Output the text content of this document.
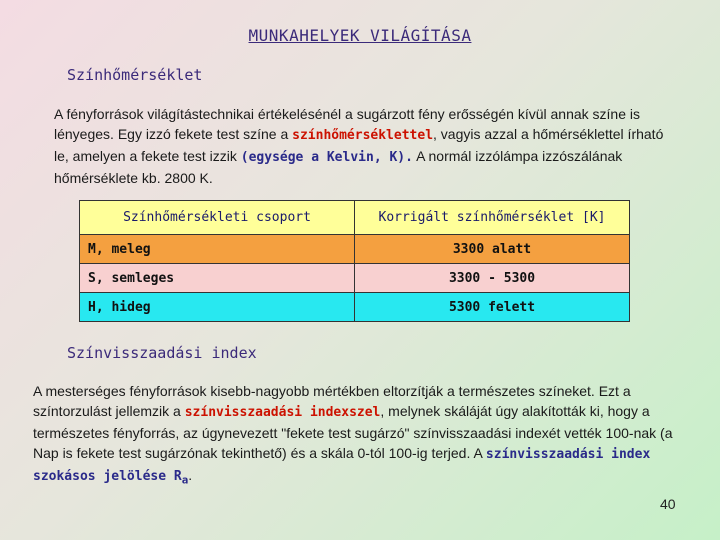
MUNKAHELYEK VILÁGÍTÁSA
Színhőmérséklet
A fényforrások világítástechnikai értékelésénél a sugárzott fény erősségén kívül annak színe is lényeges. Egy izzó fekete test színe a színhőmérséklettel, vagyis azzal a hőmérséklettel írható le, amelyen a fekete test izzik (egysége a Kelvin, K). A normál izzólámpa izzószálának hőmérséklete kb. 2800 K.
Színhőmérsékleti csoport	Korrigált színhőmérséklet [K]
M, meleg	3300 alatt
S, semleges	3300 - 5300
H, hideg	5300 felett
Színvisszaadási index
A mesterséges fényforrások kisebb-nagyobb mértékben eltorzítják a természetes színeket. Ezt a színtorzulást jellemzik a színvisszaadási indexszel, melynek skáláját úgy alakították ki, hogy a természetes fényforrás, az úgynevezett "fekete test sugárzó" színvisszaadási indexét vették 100-nak (a Nap is fekete test sugárzónak tekinthető) és a skála 0-tól 100-ig terjed. A színvisszaadási index szokásos jelölése $R_a$.
40
